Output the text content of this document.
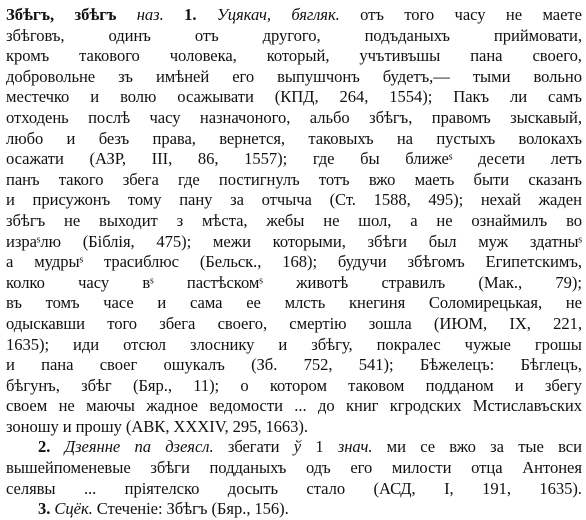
Збѣгъ, збѣгъ наз. 1. Уцякач, бягляк. отъ того часу не маете
збѣговъ,	одинъ	отъ	другого,	подъданыхъ	приймовати,
кромъ такового чоловека, который, учътивъшы пана своего,
добровольне зъ имѣней его выпушчонъ будетъ,— тыми вольно
местечко и волю осажывати (КПД, 264, 1554); Пакъ ли самъ
отходень послѣ часу назначоного, альбо збѣгъ, правомъ зыскавый,
любо и безъ права, вернется, таковыхъ на пустыхъ волокахъ
осажати (АЗР, III, 86, 1557); где бы ближеˢ десети летъ
панъ такого збега где постигнулъ тотъ вжо маеть быти сказанъ
и присужонъ тому пану за отчыча (Ст. 1588, 495); нехай жаден
збѣгъ не выходит з мѣста, жебы не шол, а не oзнаймилъ во
израˢлю (Біблія, 475); межи которыми, збѣги был муж здатныˢ
а мудрыˢ трасиблюс (Бельск., 168); будучи збѣгомъ Египетскимъ,
колко часу вˢ пастѣскомˢ животѣ стравилъ (Мак., 79);
въ томъ часе и сама ее млсть кнегиня Соломирецькая, не
одыскавши того збега своего, смертію зошла (ИЮМ, IX, 221,
1635); иди отсюл злоснику и збѣгу, покралес чужые грошы
и пана своег ошукалъ (Зб. 752, 541); Бѣжелецъ: Бѣглецъ,
бѣгунъ, збѣг (Бяр., 11); о котором таковом подданом и збегу
своем не маючы жадное ведомости ... до книг кгродских Мстиславъских
зоношу и прошу (АВК, XXXIV, 295, 1663).
2. Дзеянне па дзеясл. збегати ў 1 знач. ми се вжо за тые вси
вышейпоменевые збѣги подданыхъ одъ его милости отца Антонея
селявы ... пріятелско досыть стало (АСД, І, 191, 1635).
3. Сцёк. Стеченіе: Збѣгъ (Бяр., 156).
